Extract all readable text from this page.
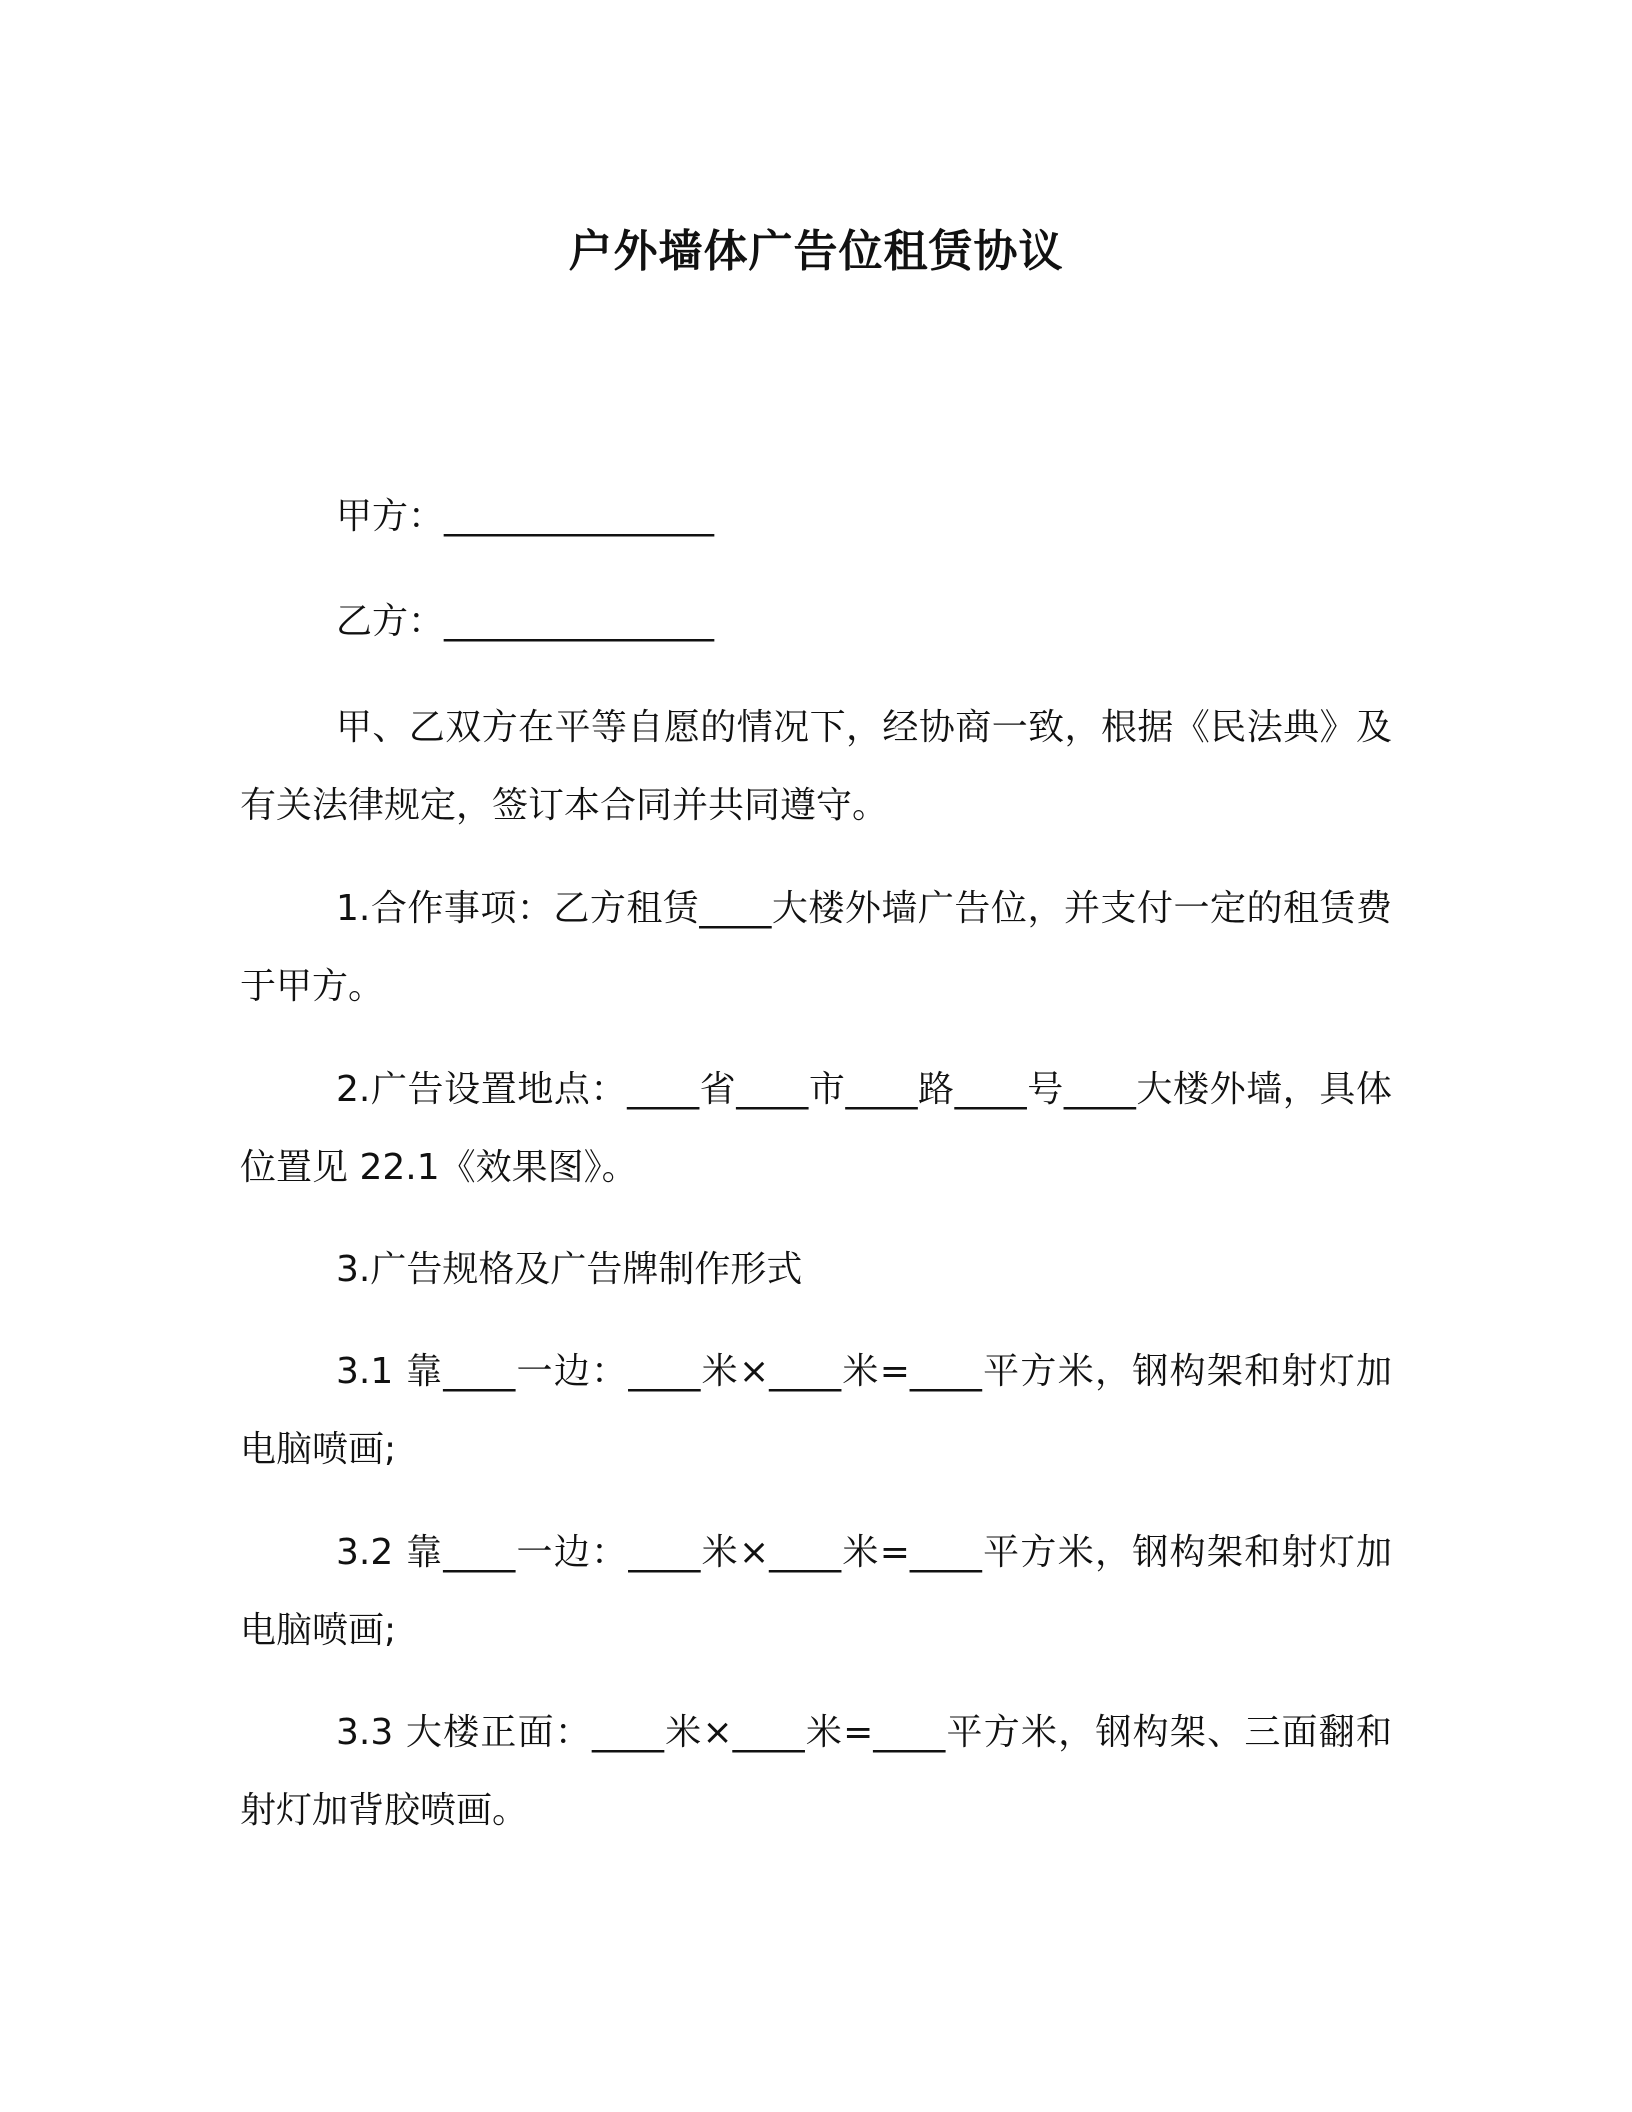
户外墙体广告位租赁协议

甲方：_______________

乙方：_______________

甲、乙双方在平等自愿的情况下，经协商一致，根据《民法典》及有关法律规定，签订本合同并共同遵守。

1.合作事项：乙方租赁____大楼外墙广告位，并支付一定的租赁费于甲方。

2.广告设置地点：____省____市____路____号____大楼外墙，具体位置见 22.1《效果图》。

3.广告规格及广告牌制作形式

3.1 靠____一边：____米×____米=____平方米，钢构架和射灯加电脑喷画;

3.2 靠____一边：____米×____米=____平方米，钢构架和射灯加电脑喷画;

3.3 大楼正面：____米×____米=____平方米，钢构架、三面翻和射灯加背胶喷画。
